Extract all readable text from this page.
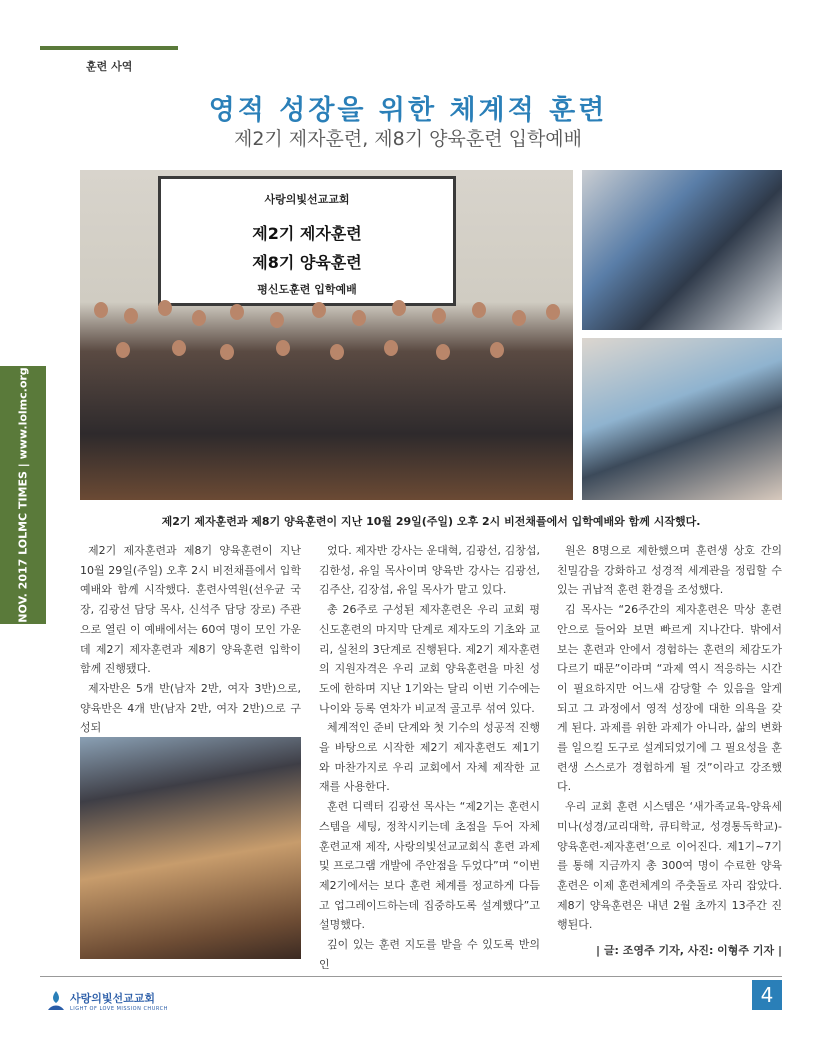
훈련 사역
영적 성장을 위한 체계적 훈련
제2기 제자훈련, 제8기 양육훈련 입학예배
NOV. 2017 LOLMC TIMES | www.lolmc.org
사랑의빛선교교회
제2기 제자훈련
제8기 양육훈련
평신도훈련 입학예배
제2기 제자훈련과 제8기 양육훈련이 지난 10월 29일(주일) 오후 2시 비전채플에서 입학예배와 함께 시작했다.

제2기 제자훈련과 제8기 양육훈련이 지난 10월 29일(주일) 오후 2시 비전채플에서 입학예배와 함께 시작했다. 훈련사역원(선우균 국장, 김광선 담당 목사, 신석주 담당 장로) 주관으로 열린 이 예배에서는 60여 명이 모인 가운데 제2기 제자훈련과 제8기 양육훈련 입학이 함께 진행됐다.

제자반은 5개 반(남자 2반, 여자 3반)으로, 양육반은 4개 반(남자 2반, 여자 2반)으로 구성되

었다. 제자반 강사는 운대혁, 김광선, 김창섭, 김한성, 유일 목사이며 양육반 강사는 김광선, 김주산, 김장섭, 유일 목사가 맡고 있다.

총 26주로 구성된 제자훈련은 우리 교회 평신도훈련의 마지막 단계로 제자도의 기초와 교리, 실천의 3단계로 진행된다. 제2기 제자훈련의 지원자격은 우리 교회 양육훈련을 마친 성도에 한하며 지난 1기와는 달리 이번 기수에는 나이와 등록 연차가 비교적 골고루 섞여 있다.

체계적인 준비 단계와 첫 기수의 성공적 진행을 바탕으로 시작한 제2기 제자훈련도 제1기와 마찬가지로 우리 교회에서 자체 제작한 교재를 사용한다.

훈련 디렉터 김광선 목사는 “제2기는 훈련시스템을 세팅, 정착시키는데 초점을 두어 자체 훈련교재 제작, 사랑의빛선교교회식 훈련 과제 및 프로그램 개발에 주안점을 두었다”며 “이번 제2기에서는 보다 훈련 체계를 정교하게 다듬고 업그레이드하는데 집중하도록 설계했다”고 설명했다.

깊이 있는 훈련 지도를 받을 수 있도록 반의 인

원은 8명으로 제한했으며 훈련생 상호 간의 친밀감을 강화하고 성경적 세계관을 정립할 수 있는 귀납적 훈련 환경을 조성했다.

김 목사는 “26주간의 제자훈련은 막상 훈련 안으로 들어와 보면 빠르게 지나간다. 밖에서 보는 훈련과 안에서 경험하는 훈련의 체감도가 다르기 때문”이라며 “과제 역시 적응하는 시간이 필요하지만 어느새 감당할 수 있음을 알게 되고 그 과정에서 영적 성장에 대한 의욕을 갖게 된다. 과제를 위한 과제가 아니라, 삶의 변화를 일으킬 도구로 설계되었기에 그 필요성을 훈련생 스스로가 경험하게 될 것”이라고 강조했다.

우리 교회 훈련 시스템은 ‘새가족교육-양육세미나(성경/교리대학, 큐티학교, 성경통독학교)-양육훈련-제자훈련’으로 이어진다. 제1기~7기를 통해 지금까지 총 300여 명이 수료한 양육훈련은 이제 훈련체계의 주춧돌로 자리 잡았다. 제8기 양육훈련은 내년 2월 초까지 13주간 진행된다.

| 글: 조영주 기자, 사진: 이형주 기자 |

사랑의빛선교교회
LIGHT OF LOVE MISSION CHURCH
4
